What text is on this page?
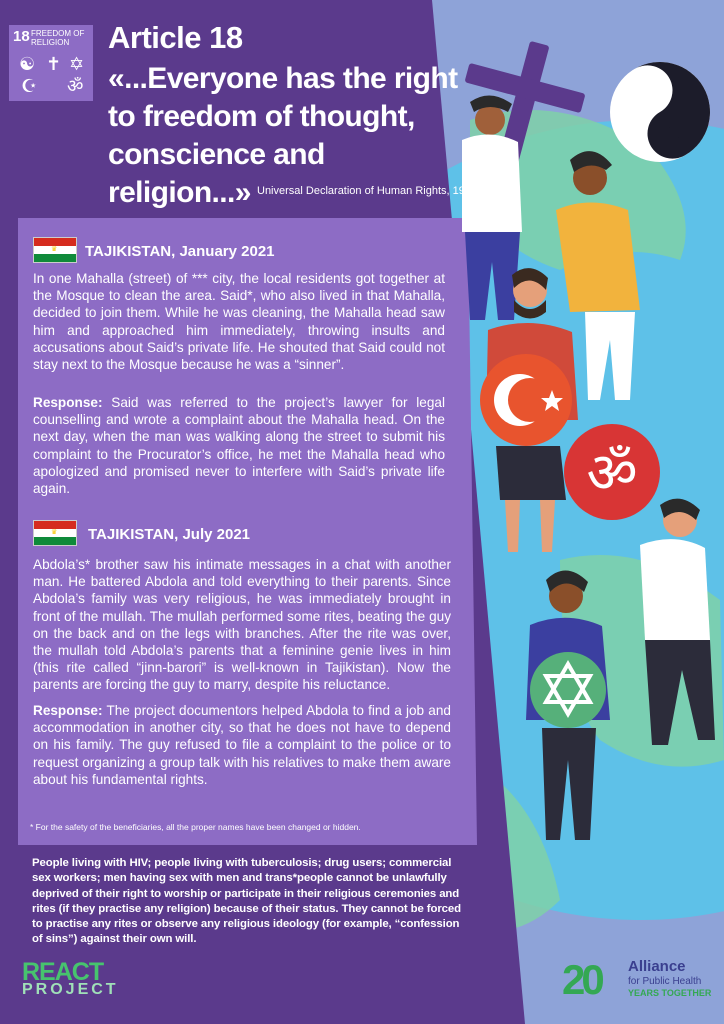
ॐ
18 FREEDOM OF RELIGION
☯ ✝ ✡
☪ ॐ
Article 18
«...Everyone has the right to freedom of thought, conscience and religion...» Universal Declaration of Human Rights, 1948
♛ TAJIKISTAN, January 2021
In one Mahalla (street) of *** city, the local residents got together at the Mosque to clean the area. Said*, who also lived in that Mahalla, decided to join them. While he was cleaning, the Mahalla head saw him and approached him immediately, throwing insults and accusations about Said’s private life. He shouted that Said could not stay next to the Mosque because he was a “sinner”.
Response: Said was referred to the project’s lawyer for legal counselling and wrote a complaint about the Mahalla head. On the next day, when the man was walking along the street to submit his complaint to the Procurator’s office, he met the Mahalla head who apologized and promised never to interfere with Said’s private life again.
♛ TAJIKISTAN, July 2021
Abdola’s* brother saw his intimate messages in a chat with another man. He battered Abdola and told everything to their parents. Since Abdola’s family was very religious, he was immediately brought in front of the mullah. The mullah performed some rites, beating the guy on the back and on the legs with branches. After the rite was over, the mullah told Abdola’s parents that a feminine genie lives in him (this rite called “jinn-barori” is well-known in Tajikistan). Now the parents are forcing the guy to marry, despite his reluctance.
Response: The project documentors helped Abdola to find a job and accommodation in another city, so that he does not have to depend on his family. The guy refused to file a complaint to the police or to request organizing a group talk with his relatives to make them aware about his fundamental rights.
* For the safety of the beneficiaries, all the proper names have been changed or hidden.
People living with HIV; people living with tuberculosis; drug users; commercial sex workers; men having sex with men and trans*people cannot be unlawfully deprived of their right to worship or participate in their religious ceremonies and rites (if they practise any religion) because of their status. They cannot be forced to practise any rites or observe any religious ideology (for example, “confession of sins”) against their own will.
REACT
PROJECT	20 Alliance
for Public Health
YEARS TOGETHER
